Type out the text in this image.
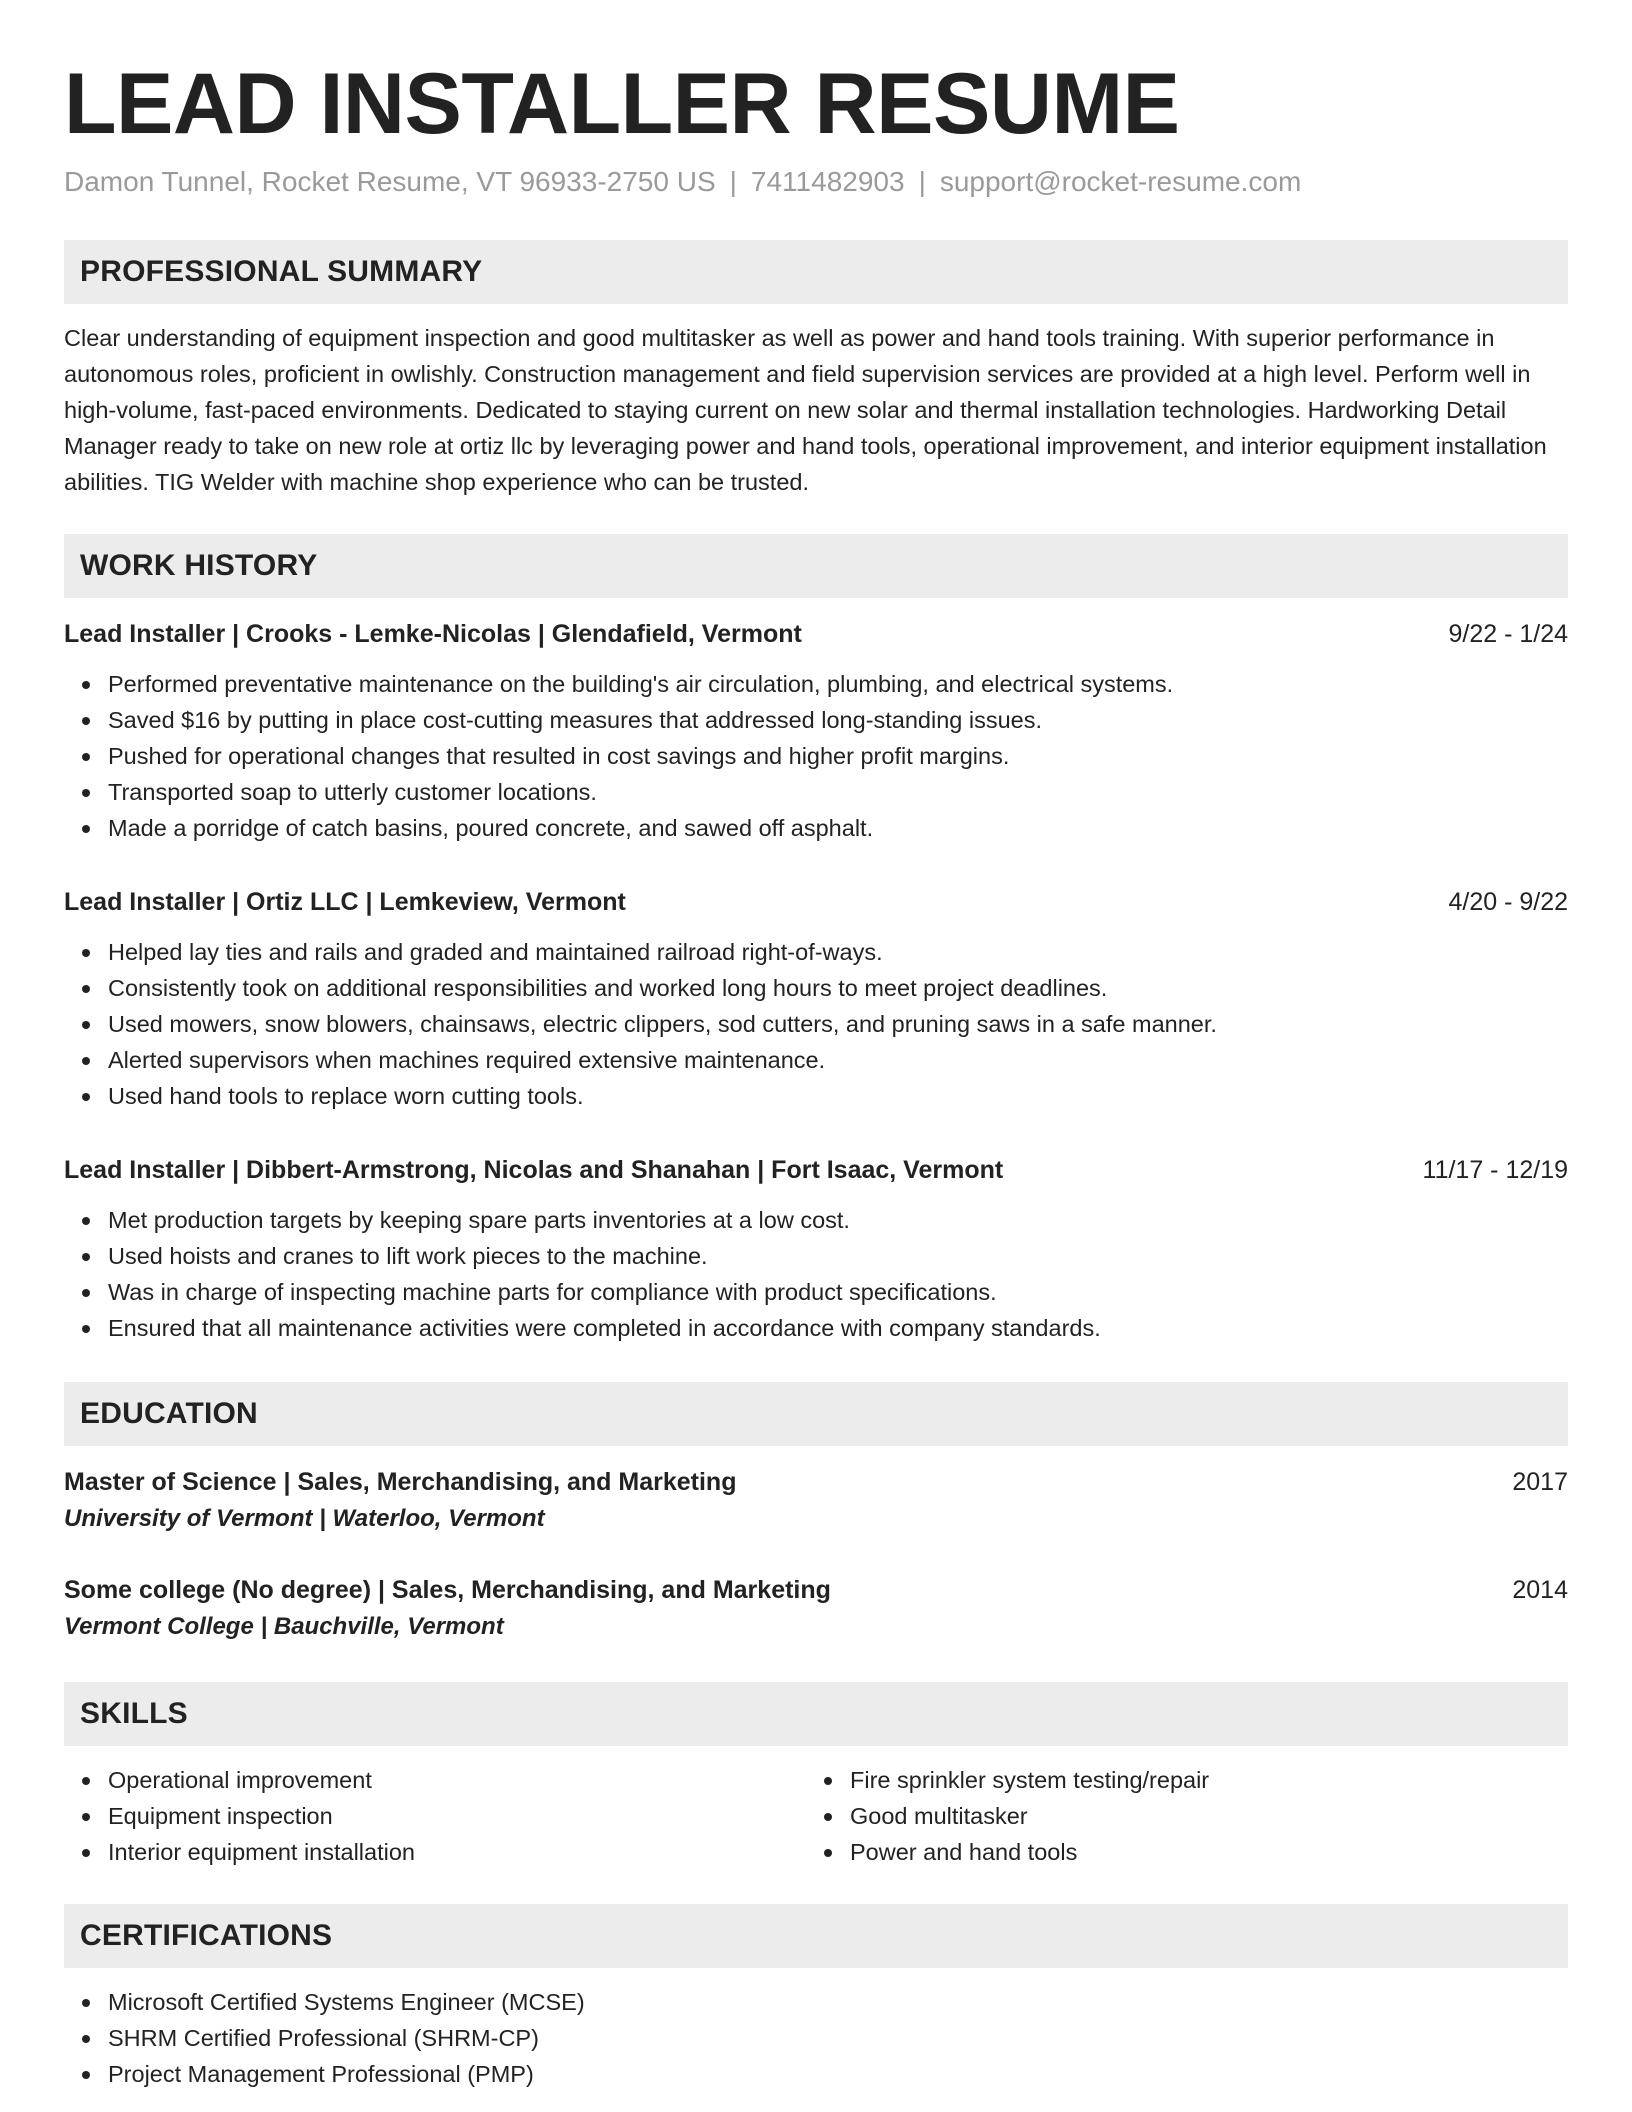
LEAD INSTALLER RESUME
Damon Tunnel, Rocket Resume, VT 96933-2750 US | 7411482903 | support@rocket-resume.com
PROFESSIONAL SUMMARY

Clear understanding of equipment inspection and good multitasker as well as power and hand tools training. With superior performance in autonomous roles, proficient in owlishly. Construction management and field supervision services are provided at a high level. Perform well in high-volume, fast-paced environments. Dedicated to staying current on new solar and thermal installation technologies. Hardworking Detail Manager ready to take on new role at ortiz llc by leveraging power and hand tools, operational improvement, and interior equipment installation abilities. TIG Welder with machine shop experience who can be trusted.

WORK HISTORY
Lead Installer | Crooks - Lemke-Nicolas | Glendafield, Vermont	9/22 - 1/24
Performed preventative maintenance on the building's air circulation, plumbing, and electrical systems.
Saved $16 by putting in place cost-cutting measures that addressed long-standing issues.
Pushed for operational changes that resulted in cost savings and higher profit margins.
Transported soap to utterly customer locations.
Made a porridge of catch basins, poured concrete, and sawed off asphalt.
Lead Installer | Ortiz LLC | Lemkeview, Vermont	4/20 - 9/22
Helped lay ties and rails and graded and maintained railroad right-of-ways.
Consistently took on additional responsibilities and worked long hours to meet project deadlines.
Used mowers, snow blowers, chainsaws, electric clippers, sod cutters, and pruning saws in a safe manner.
Alerted supervisors when machines required extensive maintenance.
Used hand tools to replace worn cutting tools.
Lead Installer | Dibbert-Armstrong, Nicolas and Shanahan | Fort Isaac, Vermont	11/17 - 12/19
Met production targets by keeping spare parts inventories at a low cost.
Used hoists and cranes to lift work pieces to the machine.
Was in charge of inspecting machine parts for compliance with product specifications.
Ensured that all maintenance activities were completed in accordance with company standards.
EDUCATION
Master of Science | Sales, Merchandising, and Marketing	2017
University of Vermont | Waterloo, Vermont
Some college (No degree) | Sales, Merchandising, and Marketing	2014
Vermont College | Bauchville, Vermont
SKILLS
Operational improvement
Equipment inspection
Interior equipment installation
Fire sprinkler system testing/repair
Good multitasker
Power and hand tools
CERTIFICATIONS
Microsoft Certified Systems Engineer (MCSE)
SHRM Certified Professional (SHRM-CP)
Project Management Professional (PMP)
